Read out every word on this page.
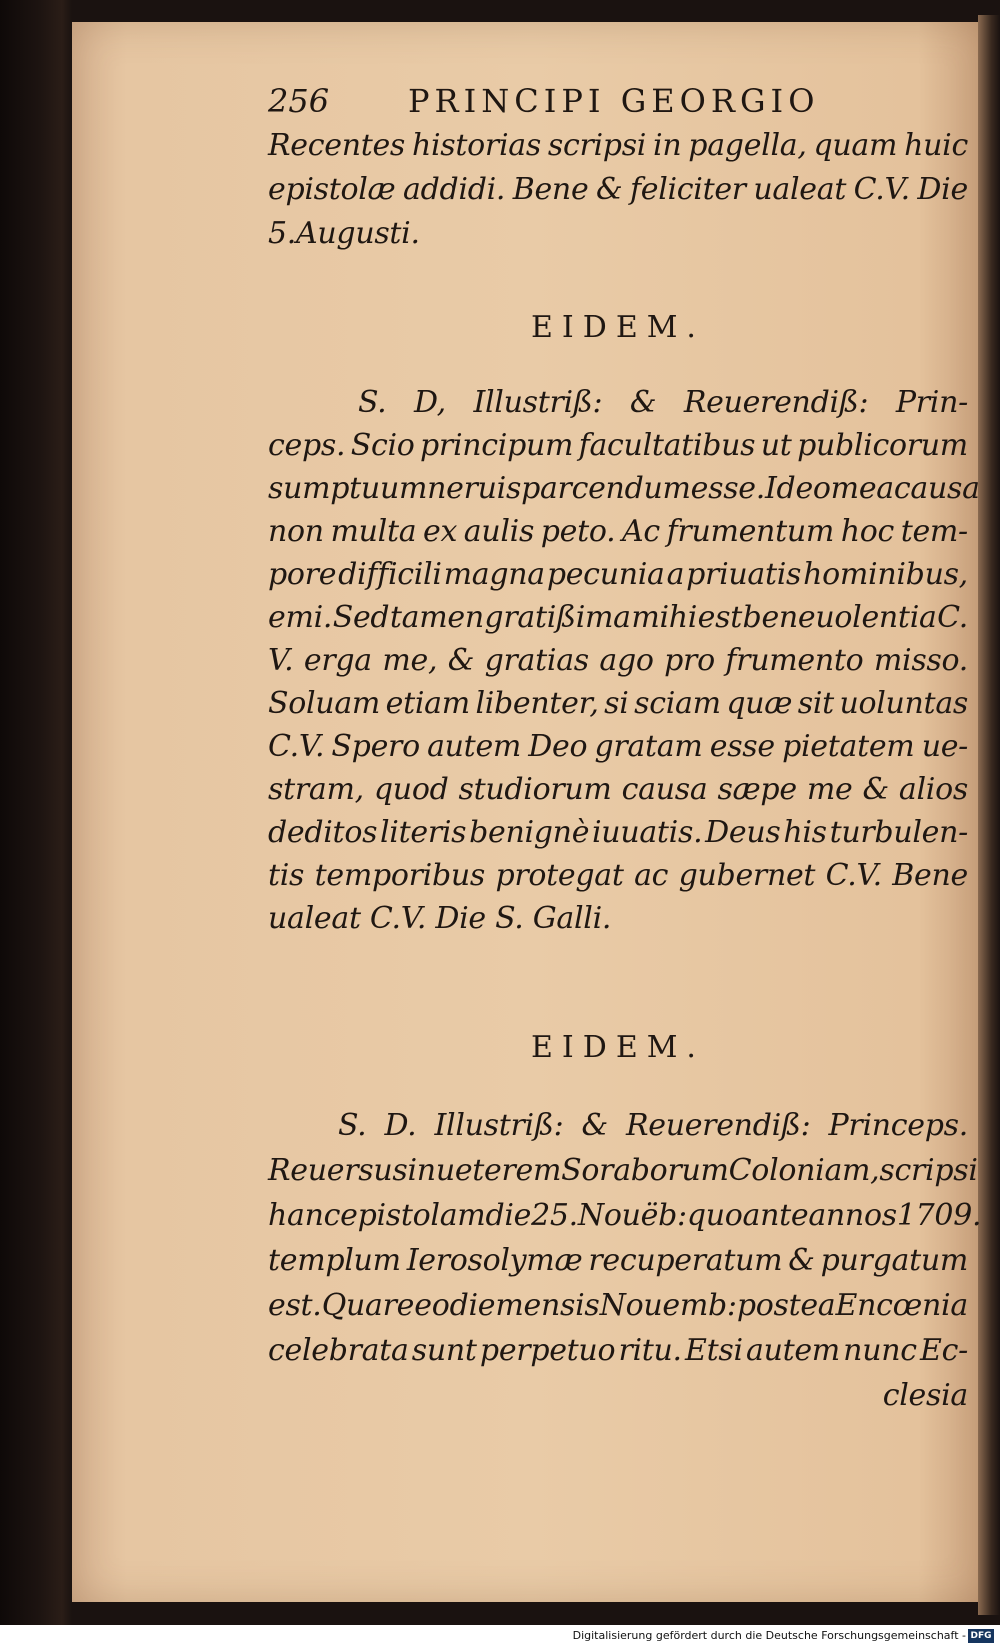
256 PRINCIPI GEORGIO
Recentes historias scripsi in pagella, quam huic
epistolæ addidi. Bene & feliciter ualeat C.V. Die
5.Augusti.
EIDEM.
S. D, Illustriß: & Reuerendiß: Prin-
ceps. Scio principum facultatibus ut publicorum
sumptuum neruis parcendum esse. Ideo mea causa
non multa ex aulis peto. Ac frumentum hoc tem-
pore difficili magna pecunia a priuatis hominibus,
emi. Sed tamen gratißima mihi est beneuolentia C.
V. erga me, & gratias ago pro frumento misso.
Soluam etiam libenter, si sciam quæ sit uoluntas
C.V. Spero autem Deo gratam esse pietatem ue-
stram, quod studiorum causa sæpe me & alios
deditos literis benignè iuuatis. Deus his turbulen-
tis temporibus protegat ac gubernet C.V. Bene
ualeat C.V. Die S. Galli.
EIDEM.
S. D. Illustriß: & Reuerendiß: Princeps.
Reuersus in ueterem Soraborum Coloniam, scripsi
hanc epistolam die 25.Nouëb: quo ante annos 1709.
templum Ierosolymæ recuperatum & purgatum
est. Quare eo die mensis Nouemb: postea Encœnia
celebrata sunt perpetuo ritu. Etsi autem nunc Ec-
clesia
Digitalisierung gefördert durch die Deutsche Forschungsgemeinschaft - DFG
